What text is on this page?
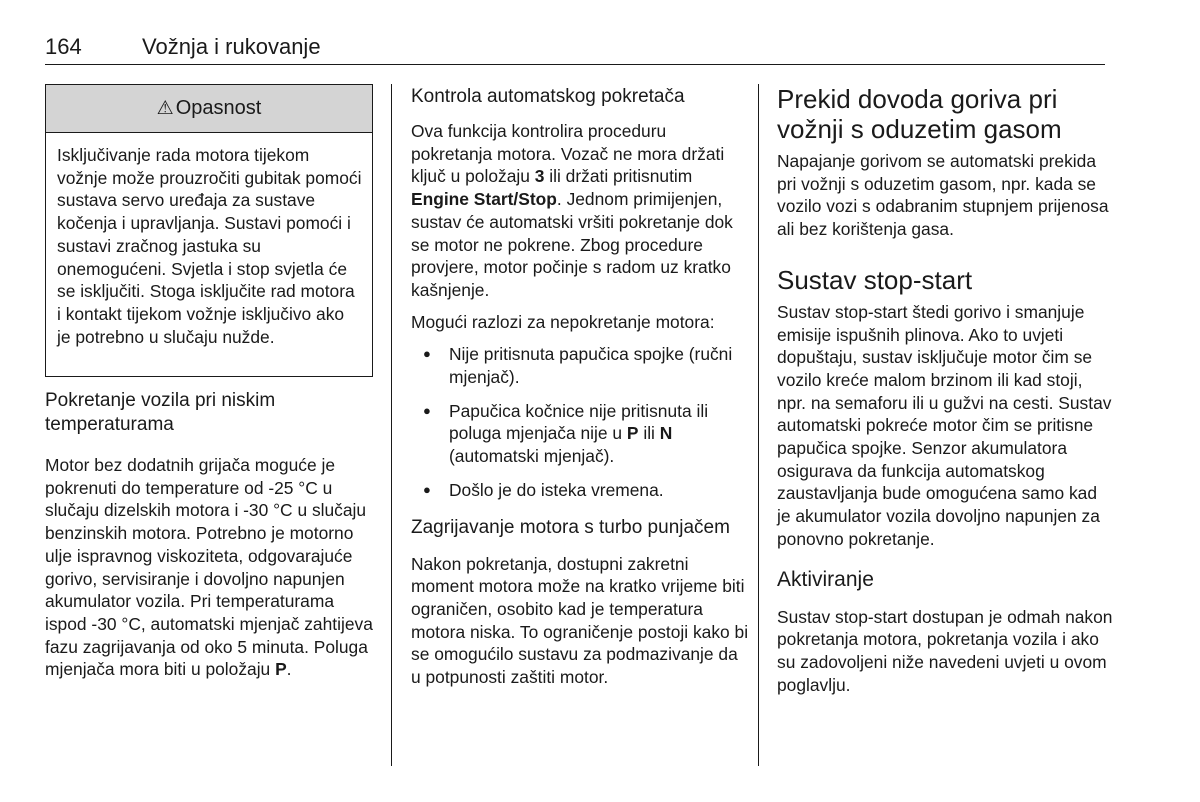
164	Vožnja i rukovanje
⚠ Opasnost
Isključivanje rada motora tijekom vožnje može prouzročiti gubitak pomoći sustava servo uređaja za sustave kočenja i upravljanja. Sustavi pomoći i sustavi zračnog jastuka su onemogućeni. Svjetla i stop svjetla će se isključiti. Stoga isključite rad motora i kontakt tijekom vožnje isključivo ako je potrebno u slučaju nužde.
Pokretanje vozila pri niskim temperaturama

Motor bez dodatnih grijača moguće je pokrenuti do temperature od -25 °C u slučaju dizelskih motora i -30 °C u slučaju benzinskih motora. Potrebno je motorno ulje ispravnog viskoziteta, odgovarajuće gorivo, servisiranje i dovoljno napunjen akumulator vozila. Pri temperaturama ispod -30 °C, automatski mjenjač zahtijeva fazu zagrijavanja od oko 5 minuta. Poluga mjenjača mora biti u položaju P.

Kontrola automatskog pokretača

Ova funkcija kontrolira proceduru pokretanja motora. Vozač ne mora držati ključ u položaju 3 ili držati pritisnutim Engine Start/Stop. Jednom primijenjen, sustav će automatski vršiti pokretanje dok se motor ne pokrene. Zbog procedure provjere, motor počinje s radom uz kratko kašnjenje.

Mogući razlozi za nepokretanje motora:

● Nije pritisnuta papučica spojke (ručni mjenjač).
● Papučica kočnice nije pritisnuta ili poluga mjenjača nije u P ili N (automatski mjenjač).
● Došlo je do isteka vremena.
Zagrijavanje motora s turbo punjačem

Nakon pokretanja, dostupni zakretni moment motora može na kratko vrijeme biti ograničen, osobito kad je temperatura motora niska. To ograničenje postoji kako bi se omogućilo sustavu za podmazivanje da u potpunosti zaštiti motor.

Prekid dovoda goriva pri vožnji s oduzetim gasom

Napajanje gorivom se automatski prekida pri vožnji s oduzetim gasom, npr. kada se vozilo vozi s odabranim stupnjem prijenosa ali bez korištenja gasa.

Sustav stop-start

Sustav stop-start štedi gorivo i smanjuje emisije ispušnih plinova. Ako to uvjeti dopuštaju, sustav isključuje motor čim se vozilo kreće malom brzinom ili kad stoji, npr. na semaforu ili u gužvi na cesti. Sustav automatski pokreće motor čim se pritisne papučica spojke. Senzor akumulatora osigurava da funkcija automatskog zaustavljanja bude omogućena samo kad je akumulator vozila dovoljno napunjen za ponovno pokretanje.

Aktiviranje

Sustav stop-start dostupan je odmah nakon pokretanja motora, pokretanja vozila i ako su zadovoljeni niže navedeni uvjeti u ovom poglavlju.
